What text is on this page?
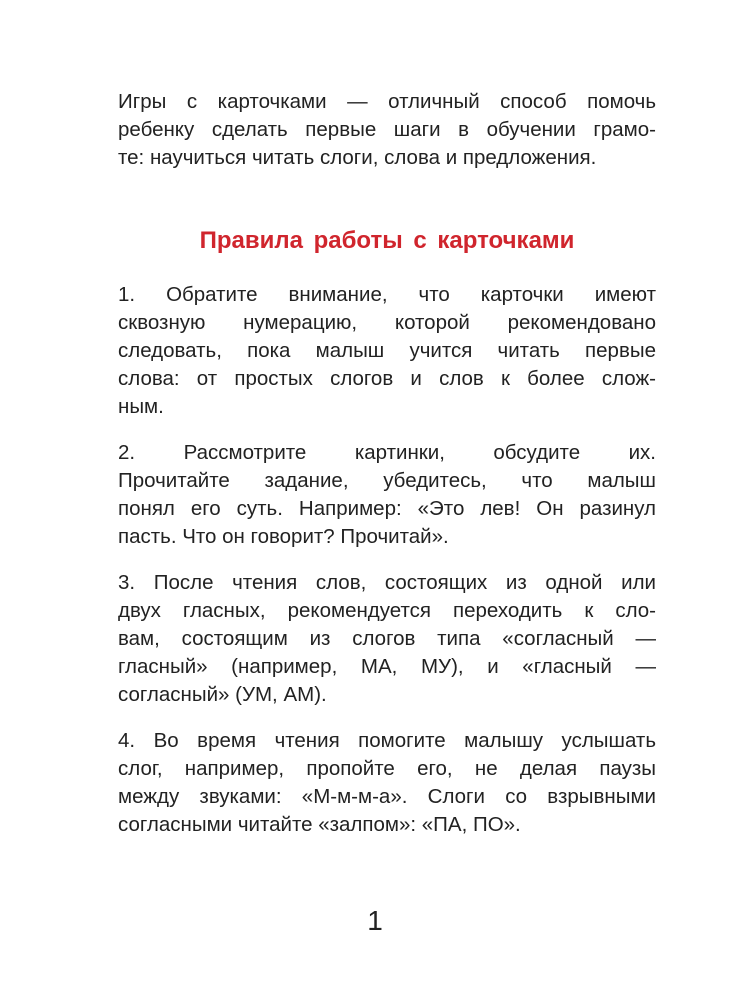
Игры с карточками — отличный способ помочь
ребенку сделать первые шаги в обучении грамо-
те: научиться читать слоги, слова и предложения.
Правила работы с карточками
1. Обратите внимание, что карточки имеют
сквозную нумерацию, которой рекомендовано
следовать, пока малыш учится читать первые
слова: от простых слогов и слов к более слож-
ным.
2. Рассмотрите картинки, обсудите их.
Прочитайте задание, убедитесь, что малыш
понял его суть. Например: «Это лев! Он разинул
пасть. Что он говорит? Прочитай».
3. После чтения слов, состоящих из одной или
двух гласных, рекомендуется переходить к сло-
вам, состоящим из слогов типа «согласный —
гласный» (например, МА, МУ), и «гласный —
согласный» (УМ, АМ).
4. Во время чтения помогите малышу услышать
слог, например, пропойте его, не делая паузы
между звуками: «М-м-м-а». Слоги со взрывными
согласными читайте «залпом»: «ПА, ПО».
1
